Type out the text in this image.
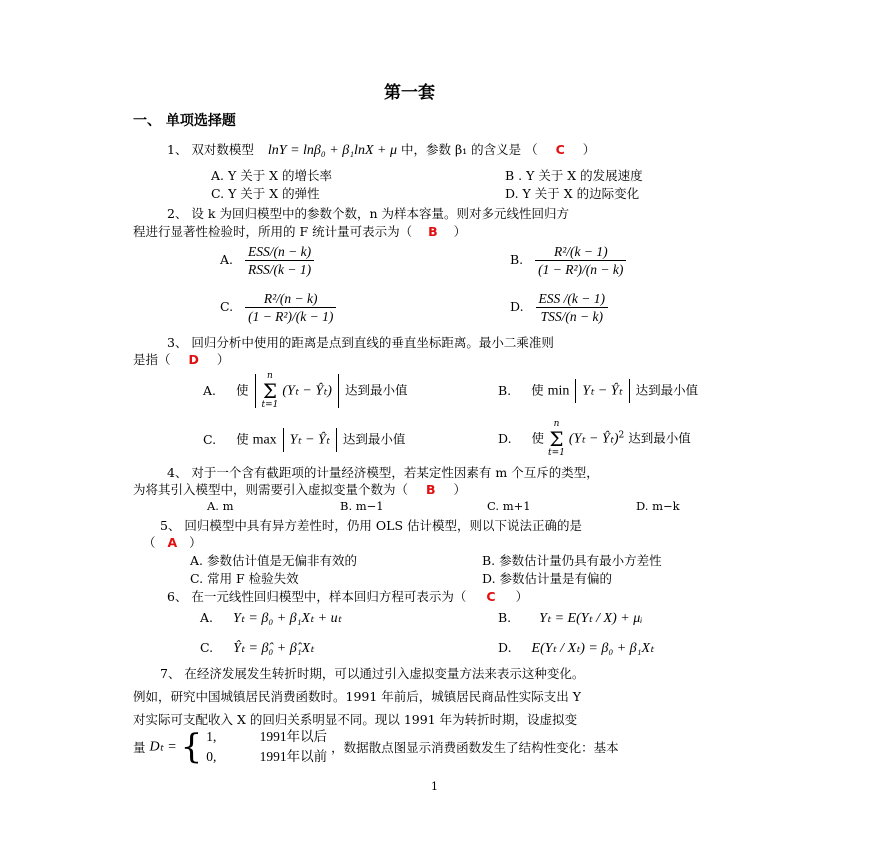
第一套
一、 单项选择题
1、 双对数模型 lnY = lnβ₀ + β₁lnX + μ 中，参数 β₁ 的含义是 （ C ）
A. Y 关于 X 的增长率	B . Y 关于 X 的发展速度
C. Y 关于 X 的弹性	D. Y 关于 X 的边际变化
2、 设 k 为回归模型中的参数个数，n 为样本容量。则对多元线性回归方
程进行显著性检验时，所用的 F 统计量可表示为（ B ）
A. $\frac{\text{ESS/(n − k)}}{\text{RSS/(k − 1)}}$	B. $\frac{\text{R²/(k − 1)}}{\text{(1 − R²)/(n − k)}}$
C. $\frac{\text{R²/(n − k)}}{\text{(1 − R²)/(k − 1)}}$	D. $\frac{\text{ESS /(k − 1)}}{\text{TSS/(n − k)}}$
3、 回归分析中使用的距离是点到直线的垂直坐标距离。最小二乘准则
是指（ D ）
A. 使
n
Σ
t=1
(Yₜ − Ŷₜ) 达到最小值	B. 使 min Yₜ − Ŷₜ 达到最小值
C. 使 max Yₜ − Ŷₜ 达到最小值	D. 使
n
Σ
t=1
(Yₜ − Ŷₜ)$^2$ 达到最小值
4、 对于一个含有截距项的计量经济模型，若某定性因素有 m 个互斥的类型，
为将其引入模型中，则需要引入虚拟变量个数为（ B ）
A. m	B. m−1	C. m+1	D. m−k
5、 回归模型中具有异方差性时，仍用 OLS 估计模型，则以下说法正确的是
（ A ）
A. 参数估计值是无偏非有效的	B. 参数估计量仍具有最小方差性
C. 常用 F 检验失效	D. 参数估计量是有偏的
6、 在一元线性回归模型中，样本回归方程可表示为（ C ）
A. Yₜ = β₀ + β₁Xₜ + uₜ	B. Yₜ = E(Yₜ / X) + μᵢ
C. Ŷₜ = β̂₀ + β̂₁Xₜ	D. E(Yₜ / Xₜ) = β₀ + β₁Xₜ
7、 在经济发展发生转折时期，可以通过引入虚拟变量方法来表示这种变化。
例如，研究中国城镇居民消费函数时。1991 年前后，城镇居民商品性实际支出 Y
对实际可支配收入 X 的回归关系明显不同。现以 1991 年为转折时期，设虚拟变
量 Dₜ = { 1,	1991年以后
0,	1991年以前
，数据散点图显示消费函数发生了结构性变化：基本
1
